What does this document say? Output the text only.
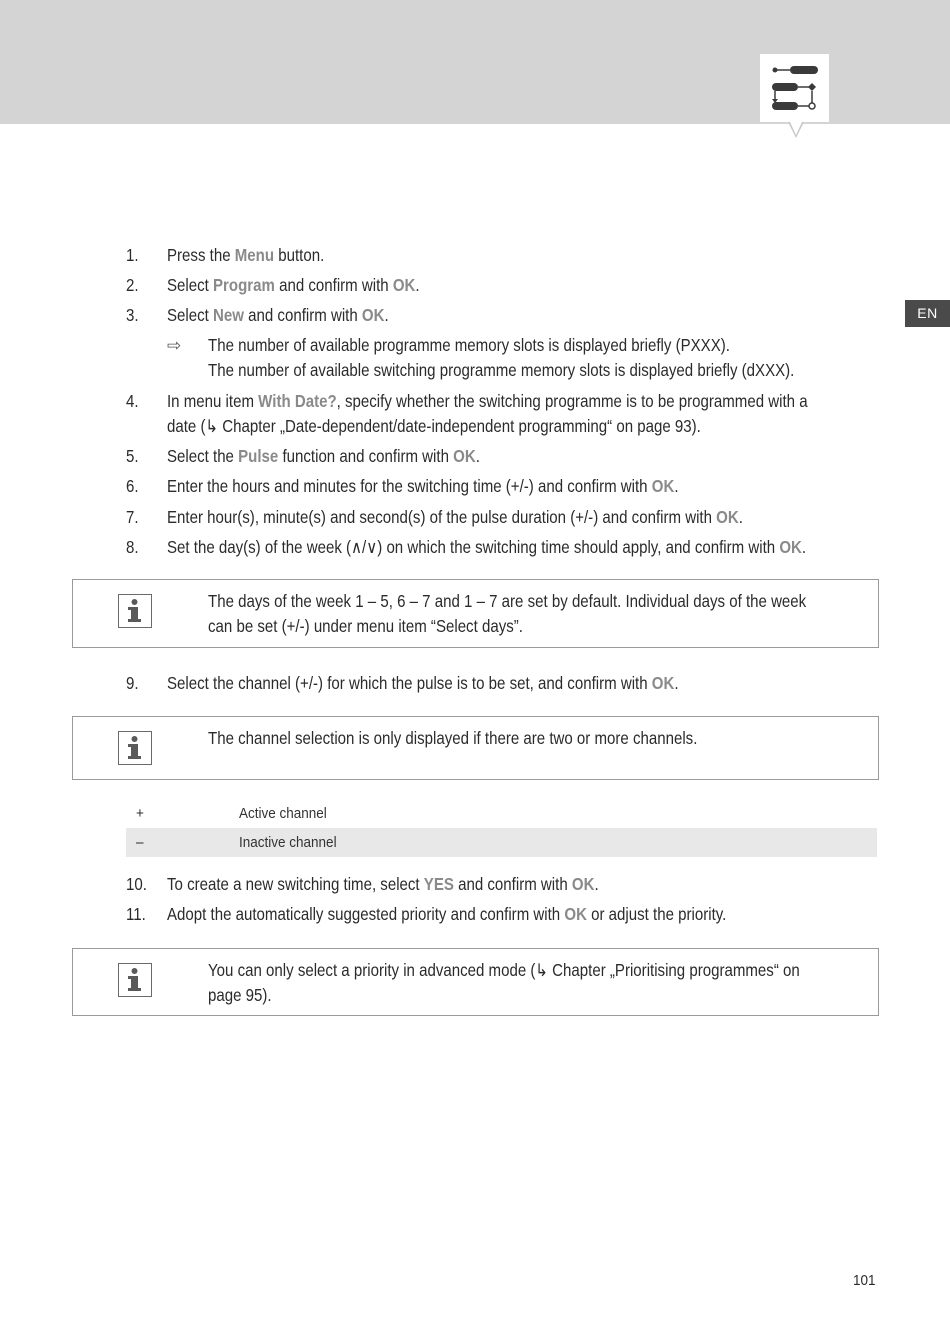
EN
1. Press the Menu button.
2. Select Program and confirm with OK.
3. Select New and confirm with OK.
⇨ The number of available programme memory slots is displayed briefly (PXXX).
The number of available switching programme memory slots is displayed briefly (dXXX).
4. In menu item With Date?, specify whether the switching programme is to be programmed with a
date (↳ Chapter „Date-dependent/date-independent programming“ on page 93).
5. Select the Pulse function and confirm with OK.
6. Enter the hours and minutes for the switching time (+/-) and confirm with OK.
7. Enter hour(s), minute(s) and second(s) of the pulse duration (+/-) and confirm with OK.
8. Set the day(s) of the week (∧/∨) on which the switching time should apply, and confirm with OK.
The days of the week 1 – 5, 6 – 7 and 1 – 7 are set by default. Individual days of the week
can be set (+/-) under menu item “Select days”.
9. Select the channel (+/-) for which the pulse is to be set, and confirm with OK.
The channel selection is only displayed if there are two or more channels.
+	Active channel
–	Inactive channel
10. To create a new switching time, select YES and confirm with OK.
11. Adopt the automatically suggested priority and confirm with OK or adjust the priority.
You can only select a priority in advanced mode (↳ Chapter „Prioritising programmes“ on
page 95).
101
